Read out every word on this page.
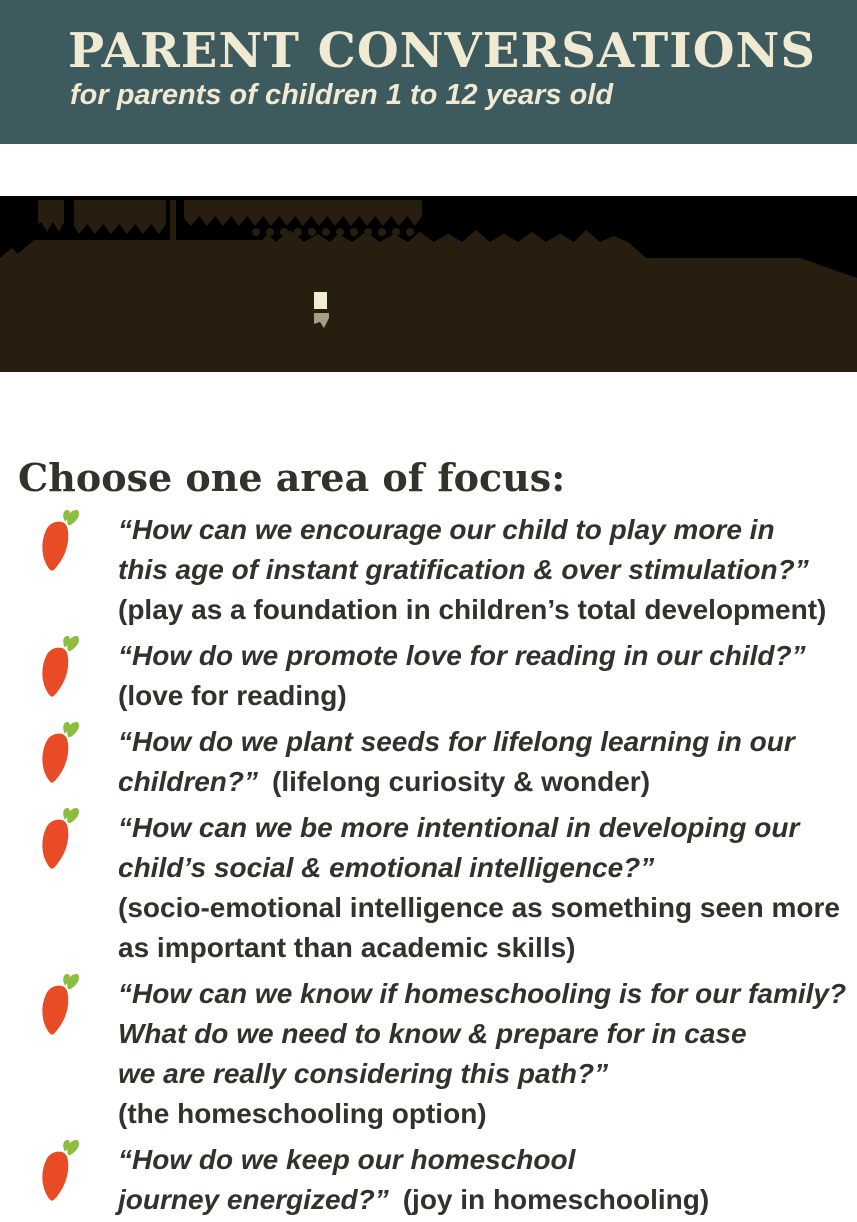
PARENT CONVERSATIONS

for parents of children 1 to 12 years old

Choose one area of focus:
“How can we encourage our child to play more in
this age of instant gratification & over stimulation?”
(play as a foundation in children’s total development)
“How do we promote love for reading in our child?”
(love for reading)
“How do we plant seeds for lifelong learning in our
children?” (lifelong curiosity & wonder)
“How can we be more intentional in developing our
child’s social & emotional intelligence?”
(socio-emotional intelligence as something seen more
as important than academic skills)
“How can we know if homeschooling is for our family?
What do we need to know & prepare for in case
we are really considering this path?”
(the homeschooling option)
“How do we keep our homeschool
journey energized?” (joy in homeschooling)
